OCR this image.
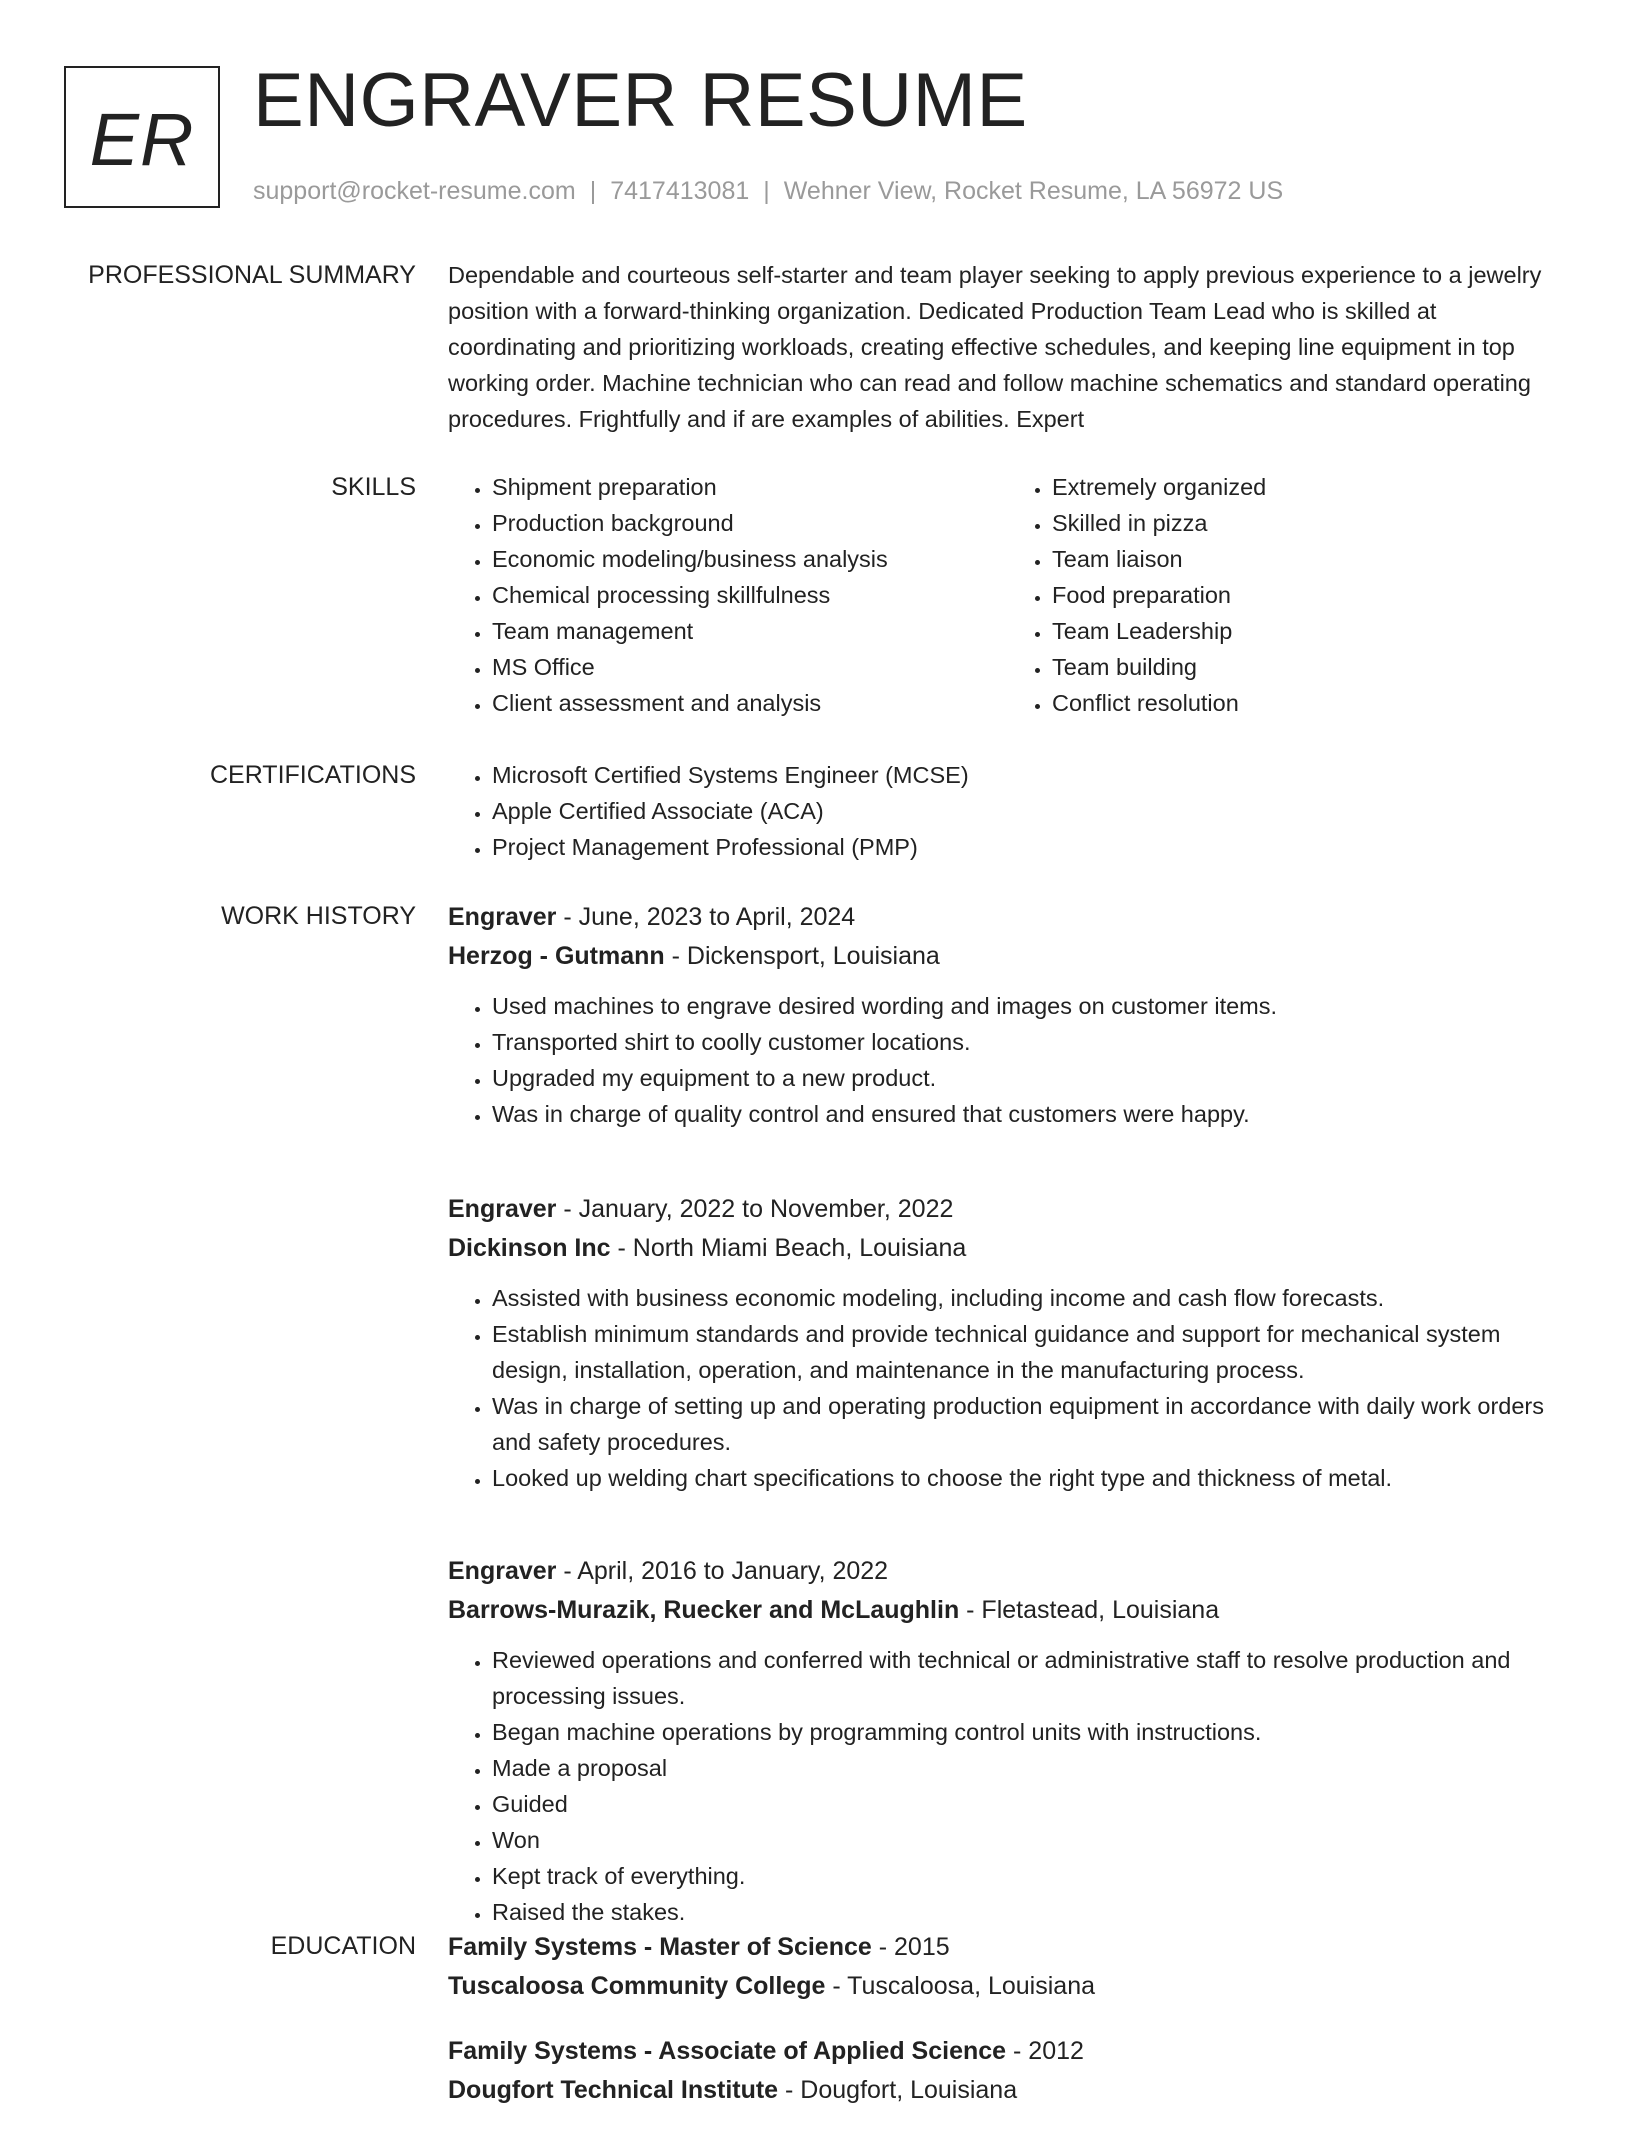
ER ENGRAVER RESUME
support@rocket-resume.com | 7417413081 | Wehner View, Rocket Resume, LA 56972 US
PROFESSIONAL SUMMARY Dependable and courteous self-starter and team player seeking to apply previous experience to a jewelry position with a forward-thinking organization. Dedicated Production Team Lead who is skilled at coordinating and prioritizing workloads, creating effective schedules, and keeping line equipment in top working order. Machine technician who can read and follow machine schematics and standard operating procedures. Frightfully and if are examples of abilities. Expert

SKILLS	• Shipment preparation
• Production background
• Economic modeling/business analysis
• Chemical processing skillfulness
• Team management
• MS Office
• Client assessment and analysis
• Extremely organized
• Skilled in pizza
• Team liaison
• Food preparation
• Team Leadership
• Team building
• Conflict resolution
CERTIFICATIONS	• Microsoft Certified Systems Engineer (MCSE)
• Apple Certified Associate (ACA)
• Project Management Professional (PMP)
WORK HISTORY Engraver - June, 2023 to April, 2024
Herzog - Gutmann - Dickensport, Louisiana
• Used machines to engrave desired wording and images on customer items.
• Transported shirt to coolly customer locations.
• Upgraded my equipment to a new product.
• Was in charge of quality control and ensured that customers were happy.
Engraver - January, 2022 to November, 2022
Dickinson Inc - North Miami Beach, Louisiana
• Assisted with business economic modeling, including income and cash flow forecasts.
• Establish minimum standards and provide technical guidance and support for mechanical system design, installation, operation, and maintenance in the manufacturing process.
• Was in charge of setting up and operating production equipment in accordance with daily work orders and safety procedures.
• Looked up welding chart specifications to choose the right type and thickness of metal.
Engraver - April, 2016 to January, 2022
Barrows-Murazik, Ruecker and McLaughlin - Fletastead, Louisiana
• Reviewed operations and conferred with technical or administrative staff to resolve production and processing issues.
• Began machine operations by programming control units with instructions.
• Made a proposal
• Guided
• Won
• Kept track of everything.
• Raised the stakes.
EDUCATION Family Systems - Master of Science - 2015
Tuscaloosa Community College - Tuscaloosa, Louisiana
Family Systems - Associate of Applied Science - 2012
Dougfort Technical Institute - Dougfort, Louisiana
